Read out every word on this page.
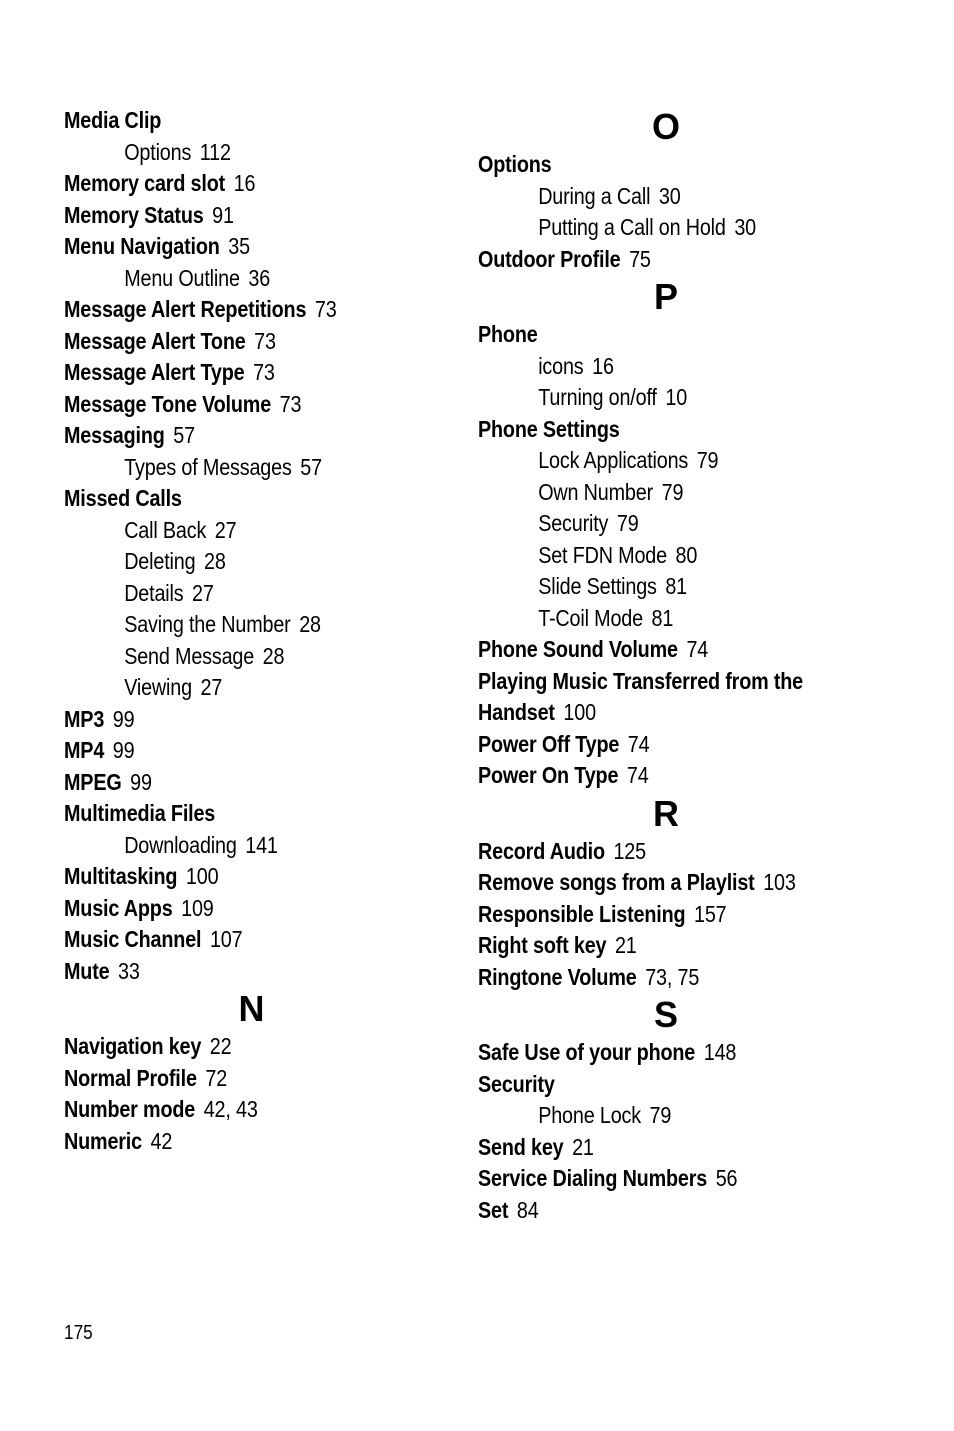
Media Clip
Options 112
Memory card slot 16
Memory Status 91
Menu Navigation 35
Menu Outline 36
Message Alert Repetitions 73
Message Alert Tone 73
Message Alert Type 73
Message Tone Volume 73
Messaging 57
Types of Messages 57
Missed Calls
Call Back 27
Deleting 28
Details 27
Saving the Number 28
Send Message 28
Viewing 27
MP3 99
MP4 99
MPEG 99
Multimedia Files
Downloading 141
Multitasking 100
Music Apps 109
Music Channel 107
Mute 33
N
Navigation key 22
Normal Profile 72
Number mode 42, 43
Numeric 42
O
Options
During a Call 30
Putting a Call on Hold 30
Outdoor Profile 75
P
Phone
icons 16
Turning on/off 10
Phone Settings
Lock Applications 79
Own Number 79
Security 79
Set FDN Mode 80
Slide Settings 81
T-Coil Mode 81
Phone Sound Volume 74
Playing Music Transferred from the
Handset 100
Power Off Type 74
Power On Type 74
R
Record Audio 125
Remove songs from a Playlist 103
Responsible Listening 157
Right soft key 21
Ringtone Volume 73, 75
S
Safe Use of your phone 148
Security
Phone Lock 79
Send key 21
Service Dialing Numbers 56
Set 84
175
